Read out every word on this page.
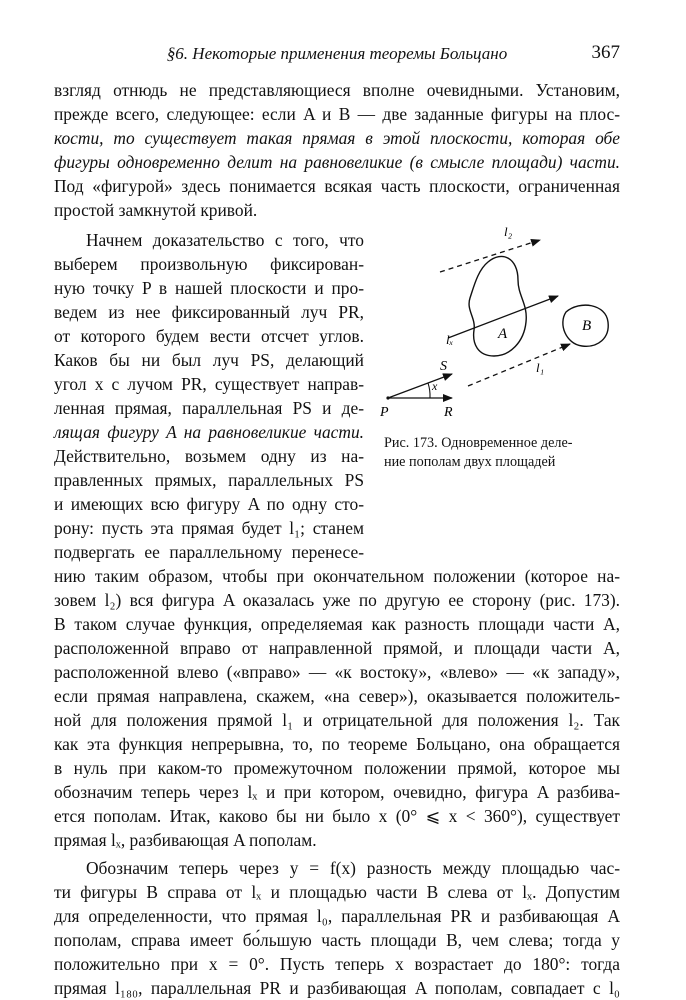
§6. Некоторые применения теоремы Больцано	367
взгляд отнюдь не представляющиеся вполне очевидными. Установим,
прежде всего, следующее: если A и B — две заданные фигуры на плос-
кости, то существует такая прямая в этой плоскости, которая обе
фигуры одновременно делит на равновеликие (в смысле площади) части.
Под «фигурой» здесь понимается всякая часть плоскости, ограниченная
простой замкнутой кривой.
Начнем доказательство с того, что
выберем произвольную фиксирован-
ную точку P в нашей плоскости и про-
ведем из нее фиксированный луч PR,
от которого будем вести отсчет углов.
Каков бы ни был луч PS, делающий
угол x с лучом PR, существует направ-
ленная прямая, параллельная PS и де-
лящая фигуру A на равновеликие части.
Действительно, возьмем одну из на-
правленных прямых, параллельных PS
и имеющих всю фигуру A по одну сто-
рону: пусть эта прямая будет l₁; станем
подвергать ее параллельному перенесе-
нию таким образом, чтобы при окончательном положении (которое на-
зовем l₂) вся фигура A оказалась уже по другую ее сторону (рис. 173).
В таком случае функция, определяемая как разность площади части A,
расположенной вправо от направленной прямой, и площади части A,
расположенной влево («вправо» — «к востоку», «влево» — «к западу»,
если прямая направлена, скажем, «на север»), оказывается положитель-
ной для положения прямой l₁ и отрицательной для положения l₂. Так
как эта функция непрерывна, то, по теореме Больцано, она обращается
в нуль при каком-то промежуточном положении прямой, которое мы
обозначим теперь через lₓ и при котором, очевидно, фигура A разбива-
ется пополам. Итак, каково бы ни было x (0° ⩽ x < 360°), существует
прямая lₓ, разбивающая A пополам.
Обозначим теперь через y = f(x) разность между площадью час-
ти фигуры B справа от lₓ и площадью части B слева от lₓ. Допустим
для определенности, что прямая l₀, параллельная PR и разбивающая A
пополам, справа имеет бо́льшую часть площади B, чем слева; тогда y
положительно при x = 0°. Пусть теперь x возрастает до 180°: тогда
прямая l₁₈₀, параллельная PR и разбивающая A пополам, совпадает с l₀
l₂
lₓ
l₁
A	B
S
x
P	R
Рис. 173. Одновременное деле-
ние пополам двух площадей
